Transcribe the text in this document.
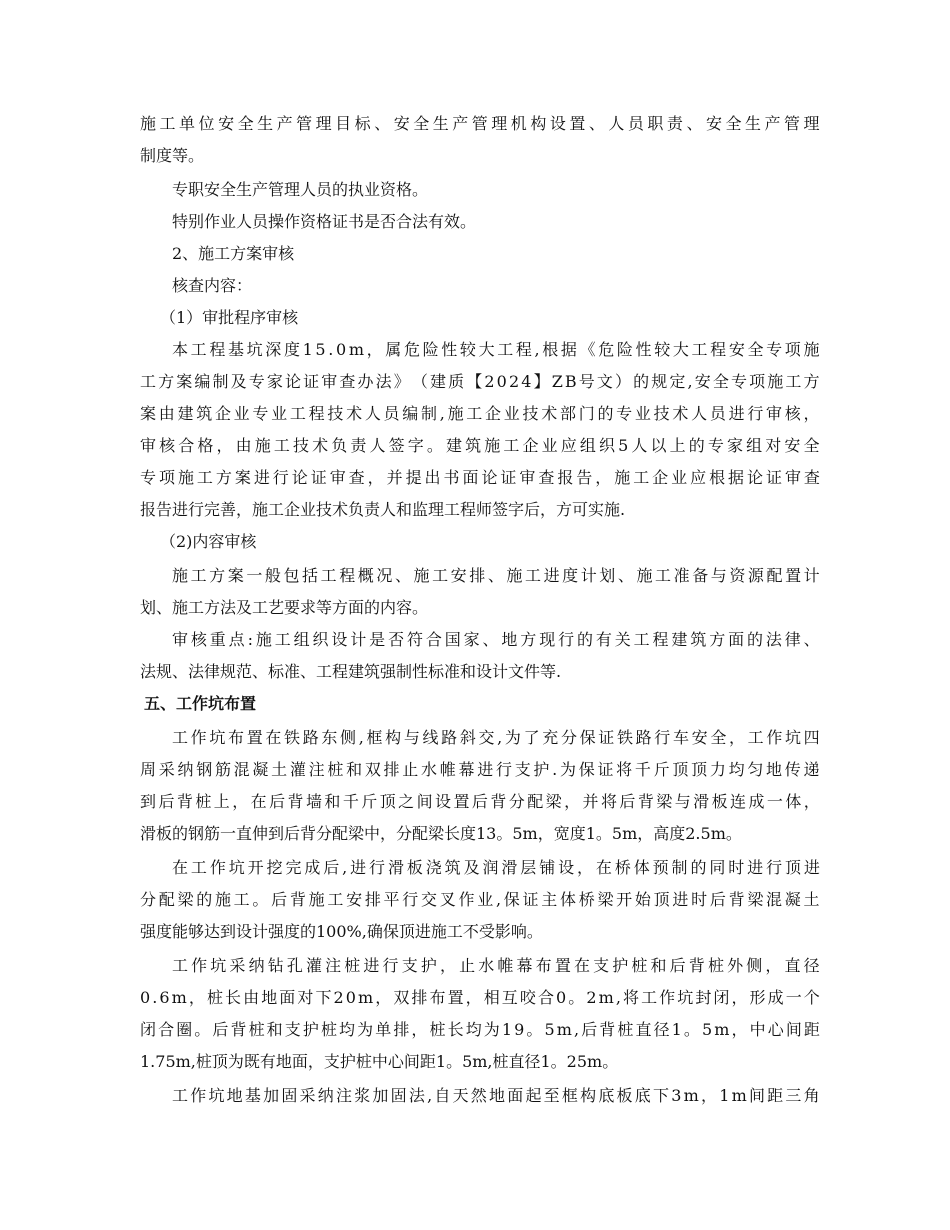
施 工 单 位 安 全 生 产 管 理 目 标 、 安 全 生 产 管 理 机 构 设 置 、 人 员 职 责 、 安 全 生 产 管 理

制度等。

专职安全生产管理人员的执业资格。

特别作业人员操作资格证书是否合法有效。

2、施工方案审核

核查内容：

（1）审批程序审核

本 工 程 基 坑 深 度 1 5 . 0 m ， 属 危 险 性 较 大 工 程 , 根 据 《 危 险 性 较 大 工 程 安 全 专 项 施

工 方 案 编 制 及 专 家 论 证 审 查 办 法 》 （ 建 质 【 2 0 2 4 】 Z B 号 文 ） 的 规 定 , 安 全 专 项 施 工 方

案 由 建 筑 企 业 专 业 工 程 技 术 人 员 编 制 , 施 工 企 业 技 术 部 门 的 专 业 技 术 人 员 进 行 审 核 ，

审 核 合 格 ， 由 施 工 技 术 负 责 人 签 字 。 建 筑 施 工 企 业 应 组 织 5 人 以 上 的 专 家 组 对 安 全

专 项 施 工 方 案 进 行 论 证 审 查 ， 并 提 出 书 面 论 证 审 查 报 告 ， 施 工 企 业 应 根 据 论 证 审 查

报告进行完善，施工企业技术负责人和监理工程师签字后，方可实施.

（2)内容审核

施 工 方 案 一 般 包 括 工 程 概 况 、 施 工 安 排 、 施 工 进 度 计 划 、 施 工 准 备 与 资 源 配 置 计

划、施工方法及工艺要求等方面的内容。

审 核 重 点 : 施 工 组 织 设 计 是 否 符 合 国 家 、 地 方 现 行 的 有 关 工 程 建 筑 方 面 的 法 律 、

法规、法律规范、标准、工程建筑强制性标准和设计文件等.

五、工作坑布置

工 作 坑 布 置 在 铁 路 东 侧 , 框 构 与 线 路 斜 交 , 为 了 充 分 保 证 铁 路 行 车 安 全 ， 工 作 坑 四

周 采 纳 钢 筋 混 凝 土 灌 注 桩 和 双 排 止 水 帷 幕 进 行 支 护 . 为 保 证 将 千 斤 顶 顶 力 均 匀 地 传 递

到 后 背 桩 上 ， 在 后 背 墙 和 千 斤 顶 之 间 设 置 后 背 分 配 梁 ， 并 将 后 背 梁 与 滑 板 连 成 一 体 ，

滑板的钢筋一直伸到后背分配梁中，分配梁长度13。5m，宽度1。5m，高度2.5m。

在 工 作 坑 开 挖 完 成 后 , 进 行 滑 板 浇 筑 及 润 滑 层 铺 设 ， 在 桥 体 预 制 的 同 时 进 行 顶 进

分 配 梁 的 施 工 。 后 背 施 工 安 排 平 行 交 叉 作 业 , 保 证 主 体 桥 梁 开 始 顶 进 时 后 背 梁 混 凝 土

强度能够达到设计强度的100%,确保顶进施工不受影响。

工 作 坑 采 纳 钻 孔 灌 注 桩 进 行 支 护 ， 止 水 帷 幕 布 置 在 支 护 桩 和 后 背 桩 外 侧 ， 直 径

0 . 6 m ， 桩 长 由 地 面 对 下 2 0 m ， 双 排 布 置 ， 相 互 咬 合 0 。 2 m , 将 工 作 坑 封 闭 ， 形 成 一 个

闭 合 圈 。 后 背 桩 和 支 护 桩 均 为 单 排 ， 桩 长 均 为 1 9 。 5 m , 后 背 桩 直 径 1 。 5 m ， 中 心 间 距

1.75m,桩顶为既有地面，支护桩中心间距1。5m,桩直径1。25m。

工 作 坑 地 基 加 固 采 纳 注 浆 加 固 法 , 自 天 然 地 面 起 至 框 构 底 板 底 下 3 m ， 1 m 间 距 三 角
